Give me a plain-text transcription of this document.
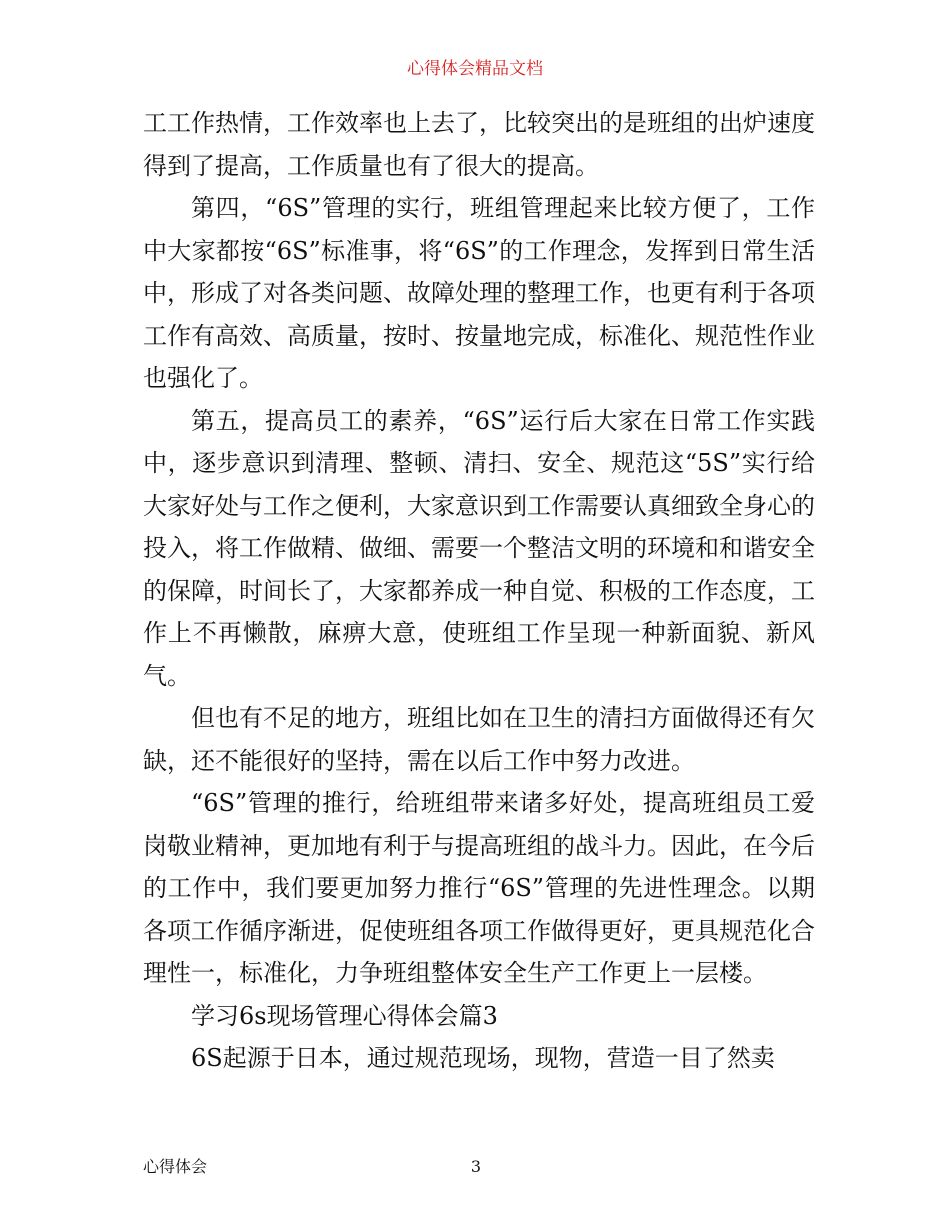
心得体会精品文档

工工作热情，工作效率也上去了，比较突出的是班组的出炉速度得到了提高，工作质量也有了很大的提高。

第四，“6S”管理的实行，班组管理起来比较方便了，工作中大家都按“6S”标准事，将“6S”的工作理念，发挥到日常生活中，形成了对各类问题、故障处理的整理工作，也更有利于各项工作有高效、高质量，按时、按量地完成，标准化、规范性作业也强化了。

第五，提高员工的素养，“6S”运行后大家在日常工作实践中，逐步意识到清理、整顿、清扫、安全、规范这“5S”实行给大家好处与工作之便利，大家意识到工作需要认真细致全身心的投入，将工作做精、做细、需要一个整洁文明的环境和和谐安全的保障，时间长了，大家都养成一种自觉、积极的工作态度，工作上不再懒散，麻痹大意，使班组工作呈现一种新面貌、新风气。

但也有不足的地方，班组比如在卫生的清扫方面做得还有欠缺，还不能很好的坚持，需在以后工作中努力改进。

“6S”管理的推行，给班组带来诸多好处，提高班组员工爱岗敬业精神，更加地有利于与提高班组的战斗力。因此，在今后的工作中，我们要更加努力推行“6S”管理的先进性理念。以期各项工作循序渐进，促使班组各项工作做得更好，更具规范化合理性一，标准化，力争班组整体安全生产工作更上一层楼。

学习6s现场管理心得体会篇3

6S起源于日本，通过规范现场，现物，营造一目了然卖

心得体会	3
